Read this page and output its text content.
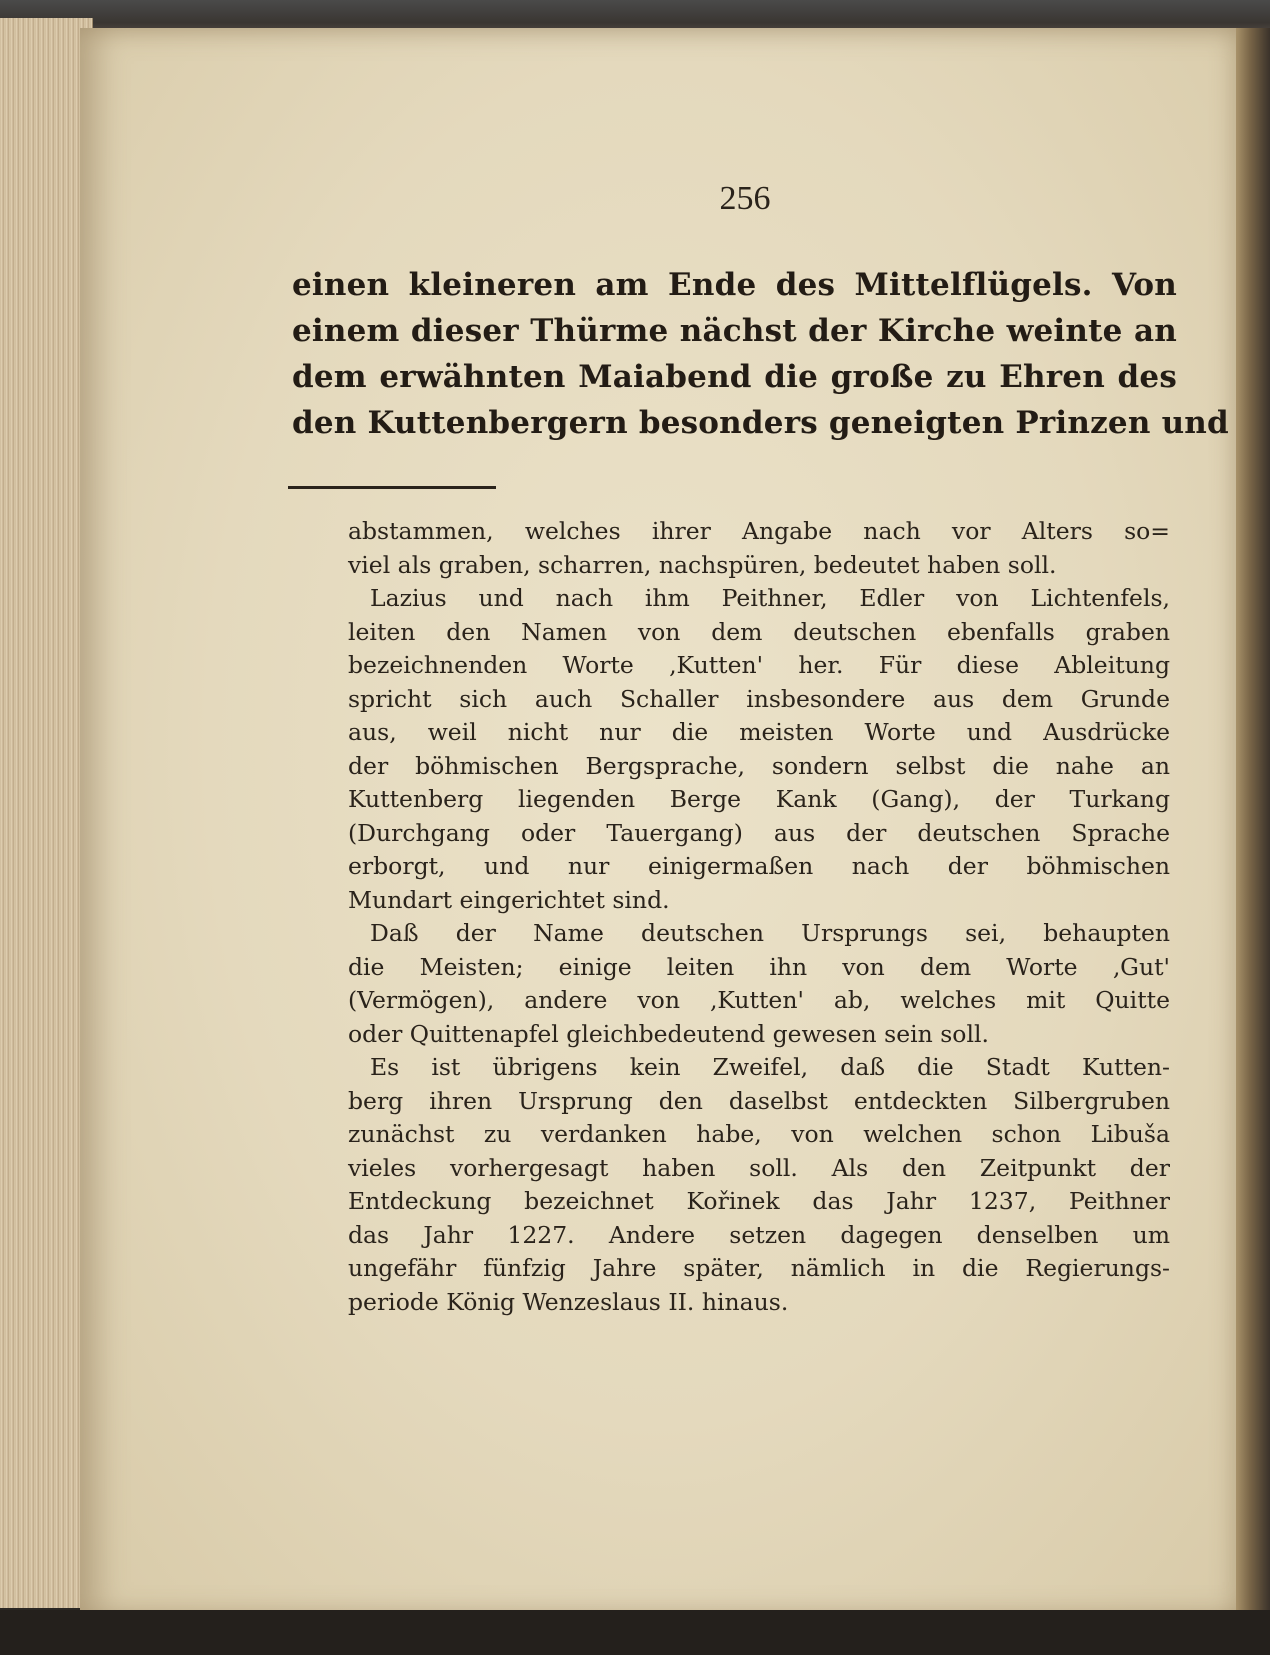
256
einen kleineren am Ende des Mittelflügels. Von
einem dieser Thürme nächst der Kirche weinte an
dem erwähnten Maiabend die große zu Ehren des
den Kuttenbergern besonders geneigten Prinzen und
abstammen, welches ihrer Angabe nach vor Alters so=
viel als graben, scharren, nachspüren, bedeutet haben soll.
Lazius und nach ihm Peithner, Edler von Lichtenfels,
leiten den Namen von dem deutschen ebenfalls graben
bezeichnenden Worte ‚Kutten' her. Für diese Ableitung
spricht sich auch Schaller insbesondere aus dem Grunde
aus, weil nicht nur die meisten Worte und Ausdrücke
der böhmischen Bergsprache, sondern selbst die nahe an
Kuttenberg liegenden Berge Kank (Gang), der Turkang
(Durchgang oder Tauergang) aus der deutschen Sprache
erborgt, und nur einigermaßen nach der böhmischen
Mundart eingerichtet sind.
Daß der Name deutschen Ursprungs sei, behaupten
die Meisten; einige leiten ihn von dem Worte ‚Gut'
(Vermögen), andere von ‚Kutten' ab, welches mit Quitte
oder Quittenapfel gleichbedeutend gewesen sein soll.
Es ist übrigens kein Zweifel, daß die Stadt Kutten-
berg ihren Ursprung den daselbst entdeckten Silbergruben
zunächst zu verdanken habe, von welchen schon Libuša
vieles vorhergesagt haben soll. Als den Zeitpunkt der
Entdeckung bezeichnet Kořinek das Jahr 1237, Peithner
das Jahr 1227. Andere setzen dagegen denselben um
ungefähr fünfzig Jahre später, nämlich in die Regierungs-
periode König Wenzeslaus II. hinaus.
